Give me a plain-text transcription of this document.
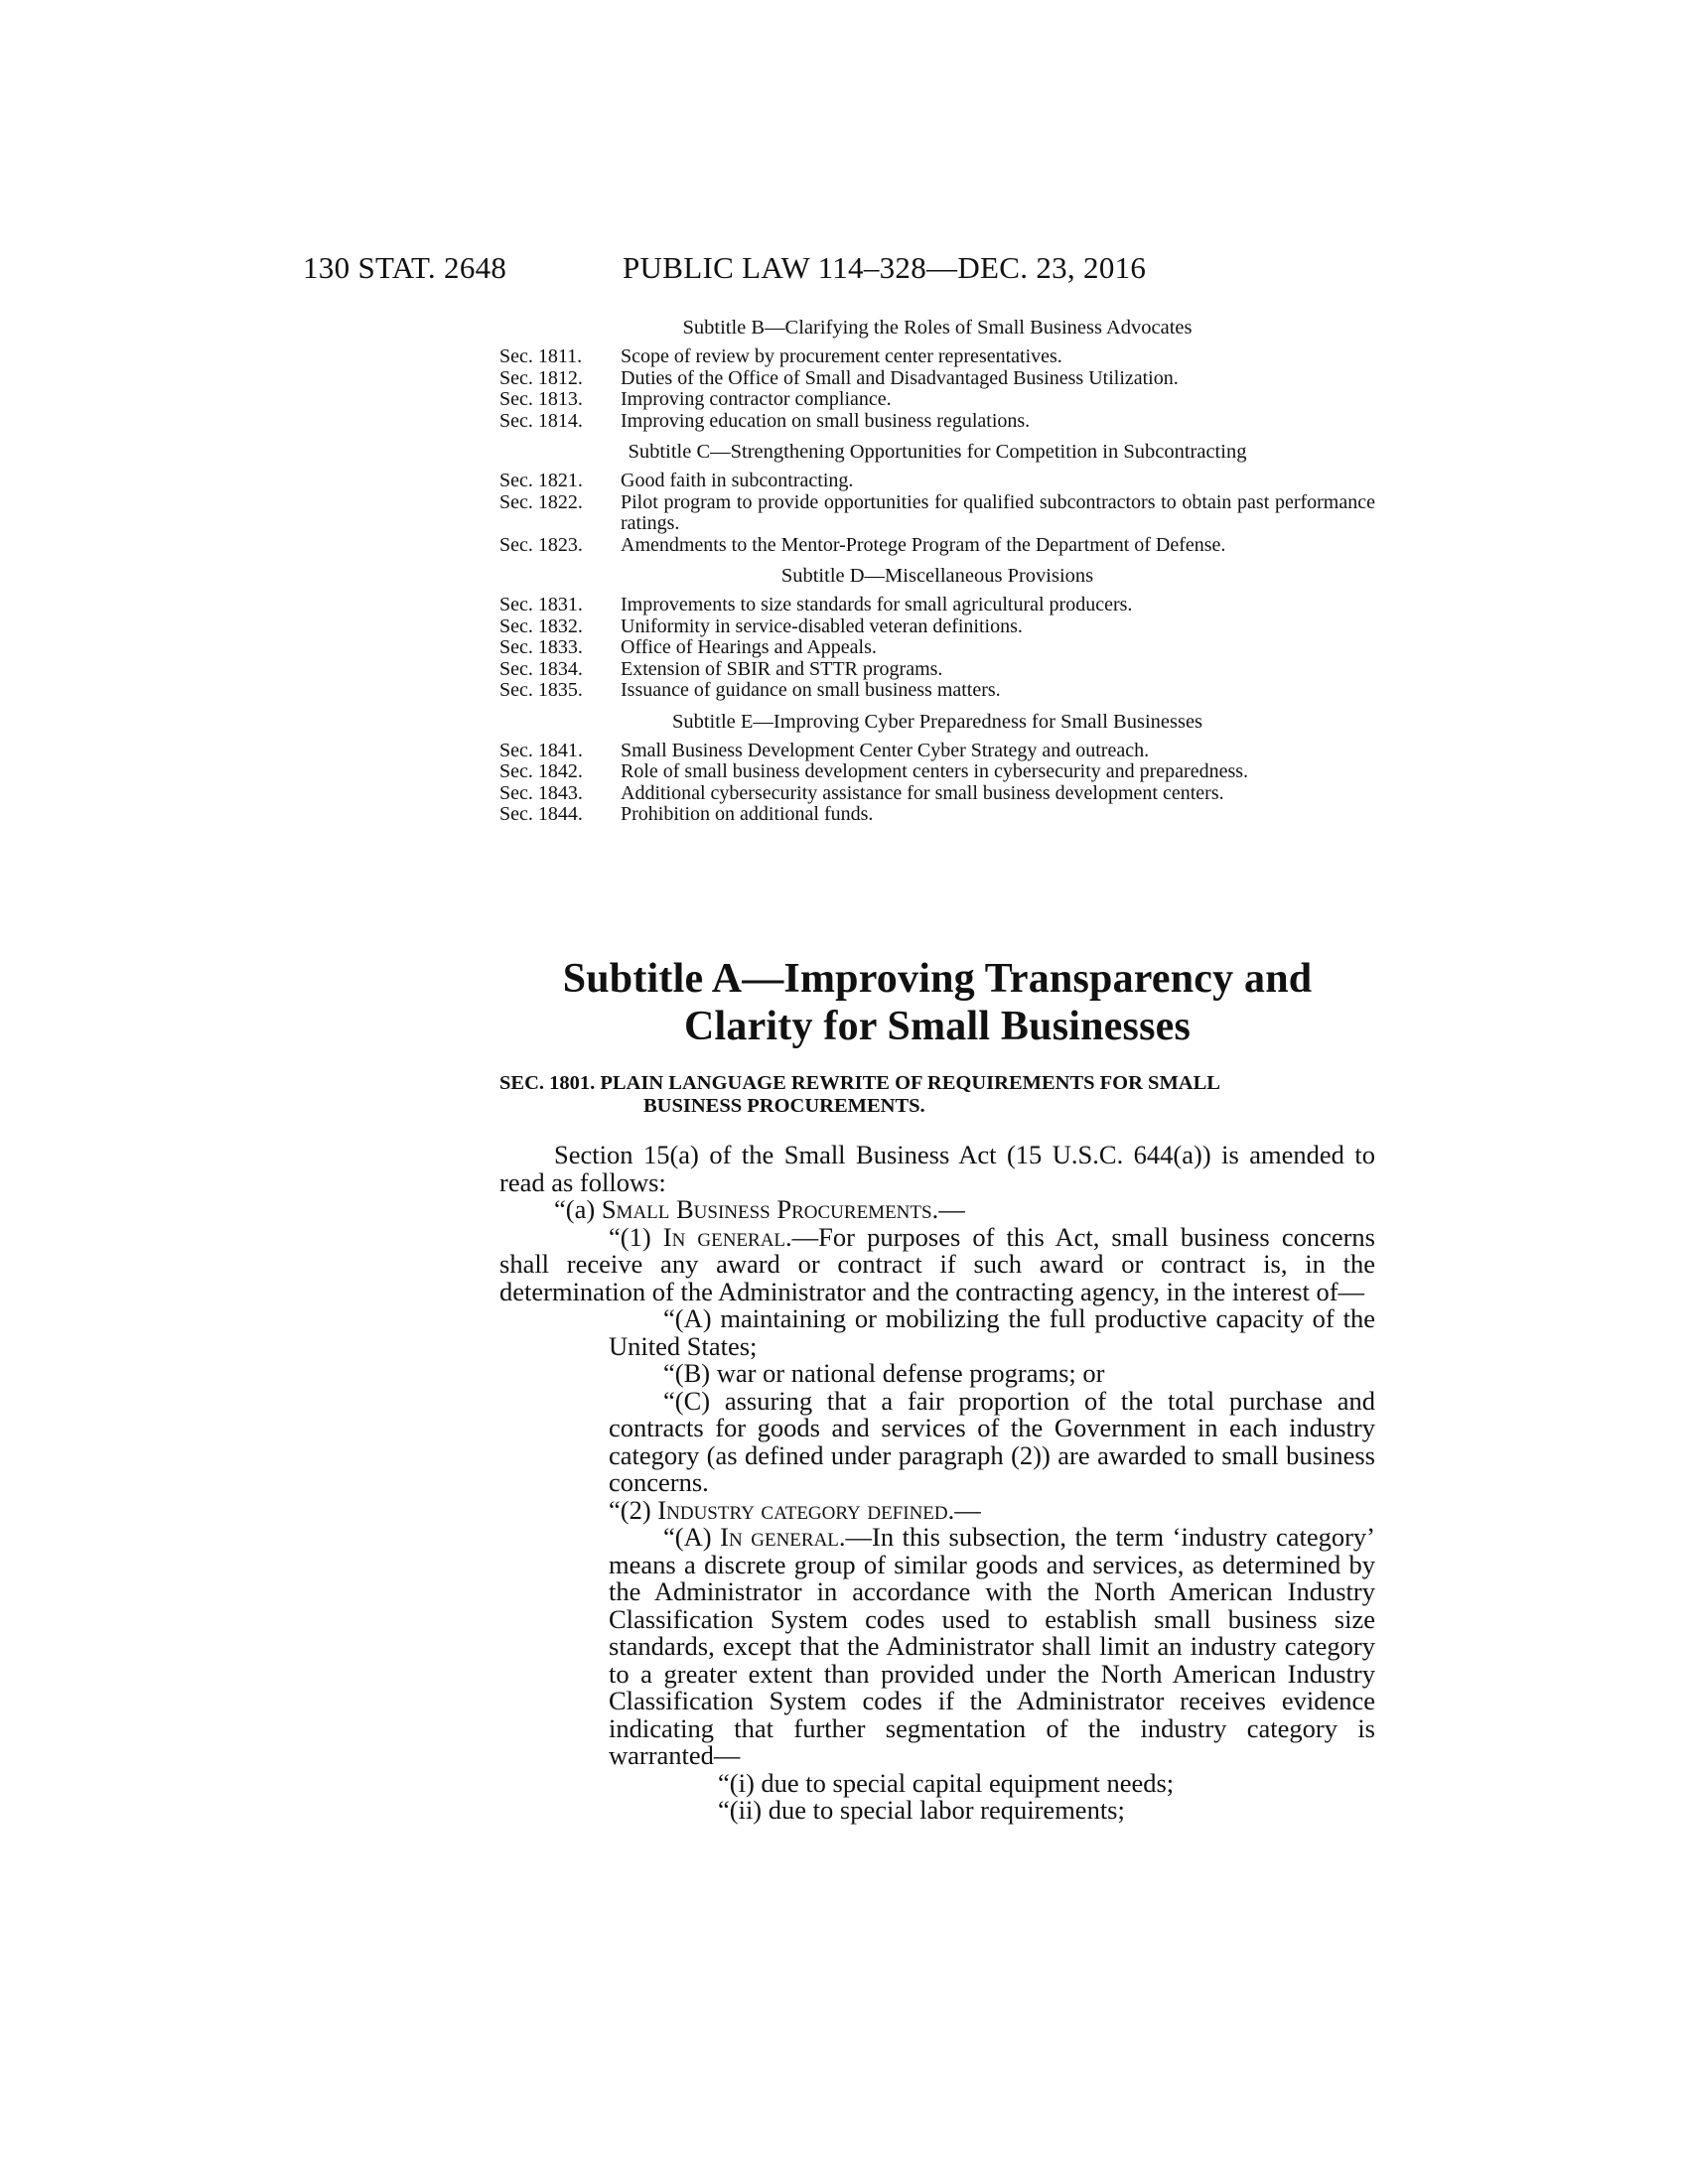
130 STAT. 2648	PUBLIC LAW 114–328—DEC. 23, 2016
Subtitle B—Clarifying the Roles of Small Business Advocates
Sec. 1811.	Scope of review by procurement center representatives.
Sec. 1812.	Duties of the Office of Small and Disadvantaged Business Utilization.
Sec. 1813.	Improving contractor compliance.
Sec. 1814.	Improving education on small business regulations.
Subtitle C—Strengthening Opportunities for Competition in Subcontracting
Sec. 1821.	Good faith in subcontracting.
Sec. 1822.	Pilot program to provide opportunities for qualified subcontractors to obtain past performance ratings.
Sec. 1823.	Amendments to the Mentor-Protege Program of the Department of Defense.
Subtitle D—Miscellaneous Provisions
Sec. 1831.	Improvements to size standards for small agricultural producers.
Sec. 1832.	Uniformity in service-disabled veteran definitions.
Sec. 1833.	Office of Hearings and Appeals.
Sec. 1834.	Extension of SBIR and STTR programs.
Sec. 1835.	Issuance of guidance on small business matters.
Subtitle E—Improving Cyber Preparedness for Small Businesses
Sec. 1841.	Small Business Development Center Cyber Strategy and outreach.
Sec. 1842.	Role of small business development centers in cybersecurity and preparedness.
Sec. 1843.	Additional cybersecurity assistance for small business development centers.
Sec. 1844.	Prohibition on additional funds.
Subtitle A—Improving Transparency and
Clarity for Small Businesses
SEC. 1801. PLAIN LANGUAGE REWRITE OF REQUIREMENTS FOR SMALL
BUSINESS PROCUREMENTS.

Section 15(a) of the Small Business Act (15 U.S.C. 644(a)) is amended to read as follows:

“(a) Small Business Procurements.—

“(1) In general.—For purposes of this Act, small business concerns shall receive any award or contract if such award or contract is, in the determination of the Administrator and the contracting agency, in the interest of—

“(A) maintaining or mobilizing the full productive capacity of the United States;

“(B) war or national defense programs; or

“(C) assuring that a fair proportion of the total purchase and contracts for goods and services of the Government in each industry category (as defined under paragraph (2)) are awarded to small business concerns.

“(2) Industry category defined.—

“(A) In general.—In this subsection, the term ‘industry category’ means a discrete group of similar goods and services, as determined by the Administrator in accordance with the North American Industry Classification System codes used to establish small business size standards, except that the Administrator shall limit an industry category to a greater extent than provided under the North American Industry Classification System codes if the Administrator receives evidence indicating that further segmentation of the industry category is warranted—

“(i) due to special capital equipment needs;

“(ii) due to special labor requirements;
